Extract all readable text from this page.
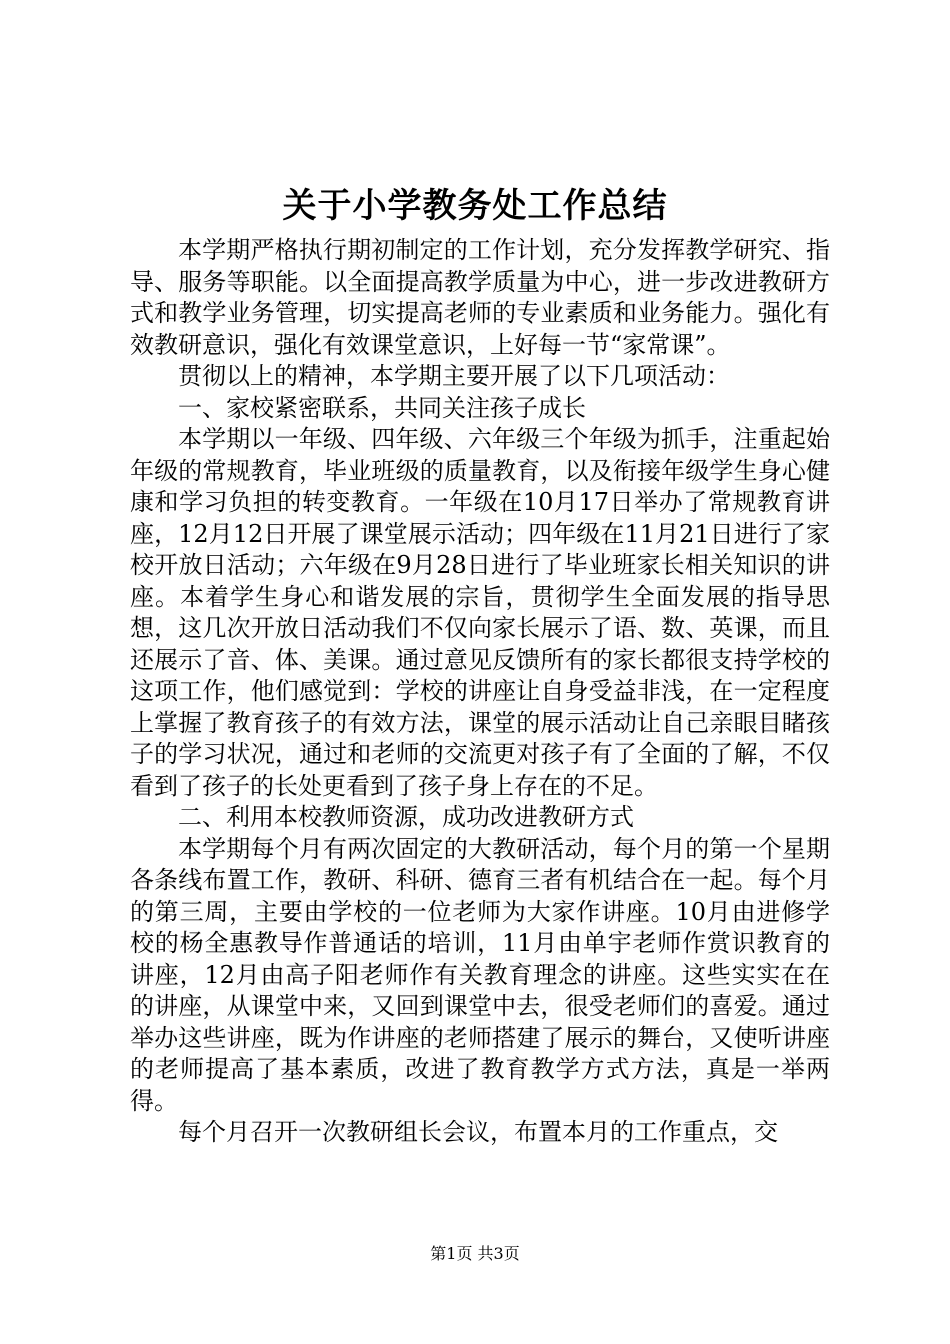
关于小学教务处工作总结

本学期严格执行期初制定的工作计划，充分发挥教学研究、指导、服务等职能。以全面提高教学质量为中心，进一步改进教研方式和教学业务管理，切实提高老师的专业素质和业务能力。强化有效教研意识，强化有效课堂意识，上好每一节“家常课”。

贯彻以上的精神，本学期主要开展了以下几项活动：

一、家校紧密联系，共同关注孩子成长

本学期以一年级、四年级、六年级三个年级为抓手，注重起始年级的常规教育，毕业班级的质量教育，以及衔接年级学生身心健康和学习负担的转变教育。一年级在10月17日举办了常规教育讲座，12月12日开展了课堂展示活动；四年级在11月21日进行了家校开放日活动；六年级在9月28日进行了毕业班家长相关知识的讲座。本着学生身心和谐发展的宗旨，贯彻学生全面发展的指导思想，这几次开放日活动我们不仅向家长展示了语、数、英课，而且还展示了音、体、美课。通过意见反馈所有的家长都很支持学校的这项工作，他们感觉到：学校的讲座让自身受益非浅，在一定程度上掌握了教育孩子的有效方法，课堂的展示活动让自己亲眼目睹孩子的学习状况，通过和老师的交流更对孩子有了全面的了解，不仅看到了孩子的长处更看到了孩子身上存在的不足。

二、利用本校教师资源，成功改进教研方式

本学期每个月有两次固定的大教研活动，每个月的第一个星期各条线布置工作，教研、科研、德育三者有机结合在一起。每个月的第三周，主要由学校的一位老师为大家作讲座。10月由进修学校的杨全惠教导作普通话的培训，11月由单宇老师作赏识教育的讲座，12月由高子阳老师作有关教育理念的讲座。这些实实在在的讲座，从课堂中来，又回到课堂中去，很受老师们的喜爱。通过举办这些讲座，既为作讲座的老师搭建了展示的舞台，又使听讲座的老师提高了基本素质，改进了教育教学方式方法，真是一举两得。

每个月召开一次教研组长会议，布置本月的工作重点，交

第1页 共3页
